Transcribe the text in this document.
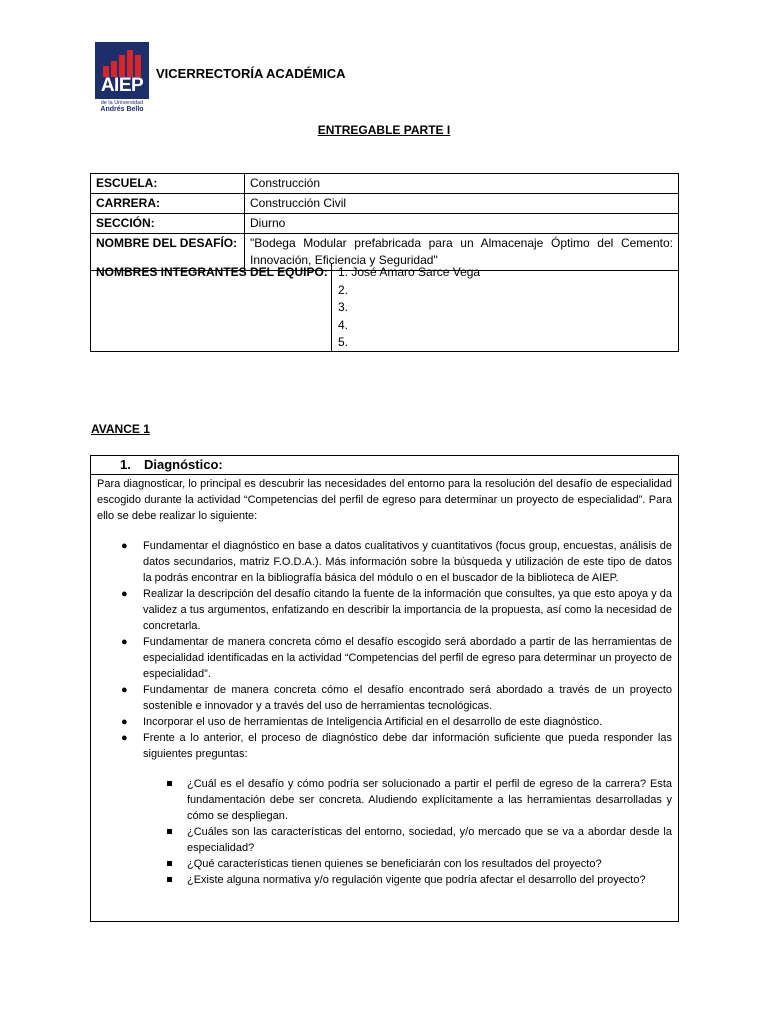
AIEP
de la Universidad
Andrés Bello
VICERRECTORÍA ACADÉMICA
ENTREGABLE PARTE I
ESCUELA:	Construcción
CARRERA:	Construcción Civil
SECCIÓN:	Diurno
NOMBRE DEL DESAFÍO:	"Bodega Modular prefabricada para un Almacenaje Óptimo del Cemento: Innovación, Eficiencia y Seguridad"
NOMBRES INTEGRANTES DEL EQUIPO: 1. José Amaro Sarce Vega
2.
3.
4.
5.
AVANCE 1
1. Diagnóstico:

Para diagnosticar, lo principal es descubrir las necesidades del entorno para la resolución del desafío de especialidad escogido durante la actividad “Competencias del perfil de egreso para determinar un proyecto de especialidad”. Para ello se debe realizar lo siguiente:

● Fundamentar el diagnóstico en base a datos cualitativos y cuantitativos (focus group, encuestas, análisis de datos secundarios, matriz F.O.D.A.). Más información sobre la búsqueda y utilización de este tipo de datos la podrás encontrar en la bibliografía básica del módulo o en el buscador de la biblioteca de AIEP.
● Realizar la descripción del desafío citando la fuente de la información que consultes, ya que esto apoya y da validez a tus argumentos, enfatizando en describir la importancia de la propuesta, así como la necesidad de concretarla.
● Fundamentar de manera concreta cómo el desafío escogido será abordado a partir de las herramientas de especialidad identificadas en la actividad “Competencias del perfil de egreso para determinar un proyecto de especialidad”.
● Fundamentar de manera concreta cómo el desafío encontrado será abordado a través de un proyecto sostenible e innovador y a través del uso de herramientas tecnológicas.
● Incorporar el uso de herramientas de Inteligencia Artificial en el desarrollo de este diagnóstico.
● Frente a lo anterior, el proceso de diagnóstico debe dar información suficiente que pueda responder las siguientes preguntas:
¿Cuál es el desafío y cómo podría ser solucionado a partir el perfil de egreso de la carrera? Esta fundamentación debe ser concreta. Aludiendo explícitamente a las herramientas desarrolladas y cómo se despliegan.
¿Cuáles son las características del entorno, sociedad, y/o mercado que se va a abordar desde la especialidad?
¿Qué características tienen quienes se beneficiarán con los resultados del proyecto?
¿Existe alguna normativa y/o regulación vigente que podría afectar el desarrollo del proyecto?
